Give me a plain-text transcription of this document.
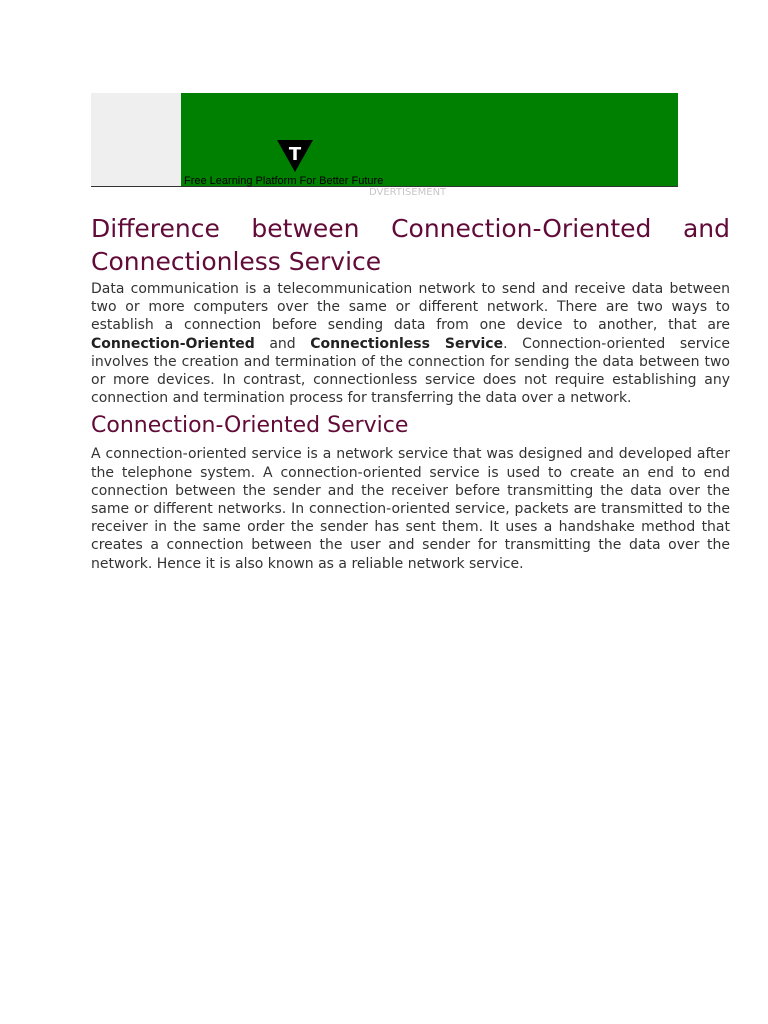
T
Free Learning Platform For Better Future
DVERTISEMENT
Difference between Connection-Oriented and Connectionless Service

Data communication is a telecommunication network to send and receive data between two or more computers over the same or different network. There are two ways to establish a connection before sending data from one device to another, that are Connection-Oriented and Connectionless Service. Connection-oriented service involves the creation and termination of the connection for sending the data between two or more devices. In contrast, connectionless service does not require establishing any connection and termination process for transferring the data over a network.

Connection-Oriented Service

A connection-oriented service is a network service that was designed and developed after the telephone system. A connection-oriented service is used to create an end to end connection between the sender and the receiver before transmitting the data over the same or different networks. In connection-oriented service, packets are transmitted to the receiver in the same order the sender has sent them. It uses a handshake method that creates a connection between the user and sender for transmitting the data over the network. Hence it is also known as a reliable network service.
